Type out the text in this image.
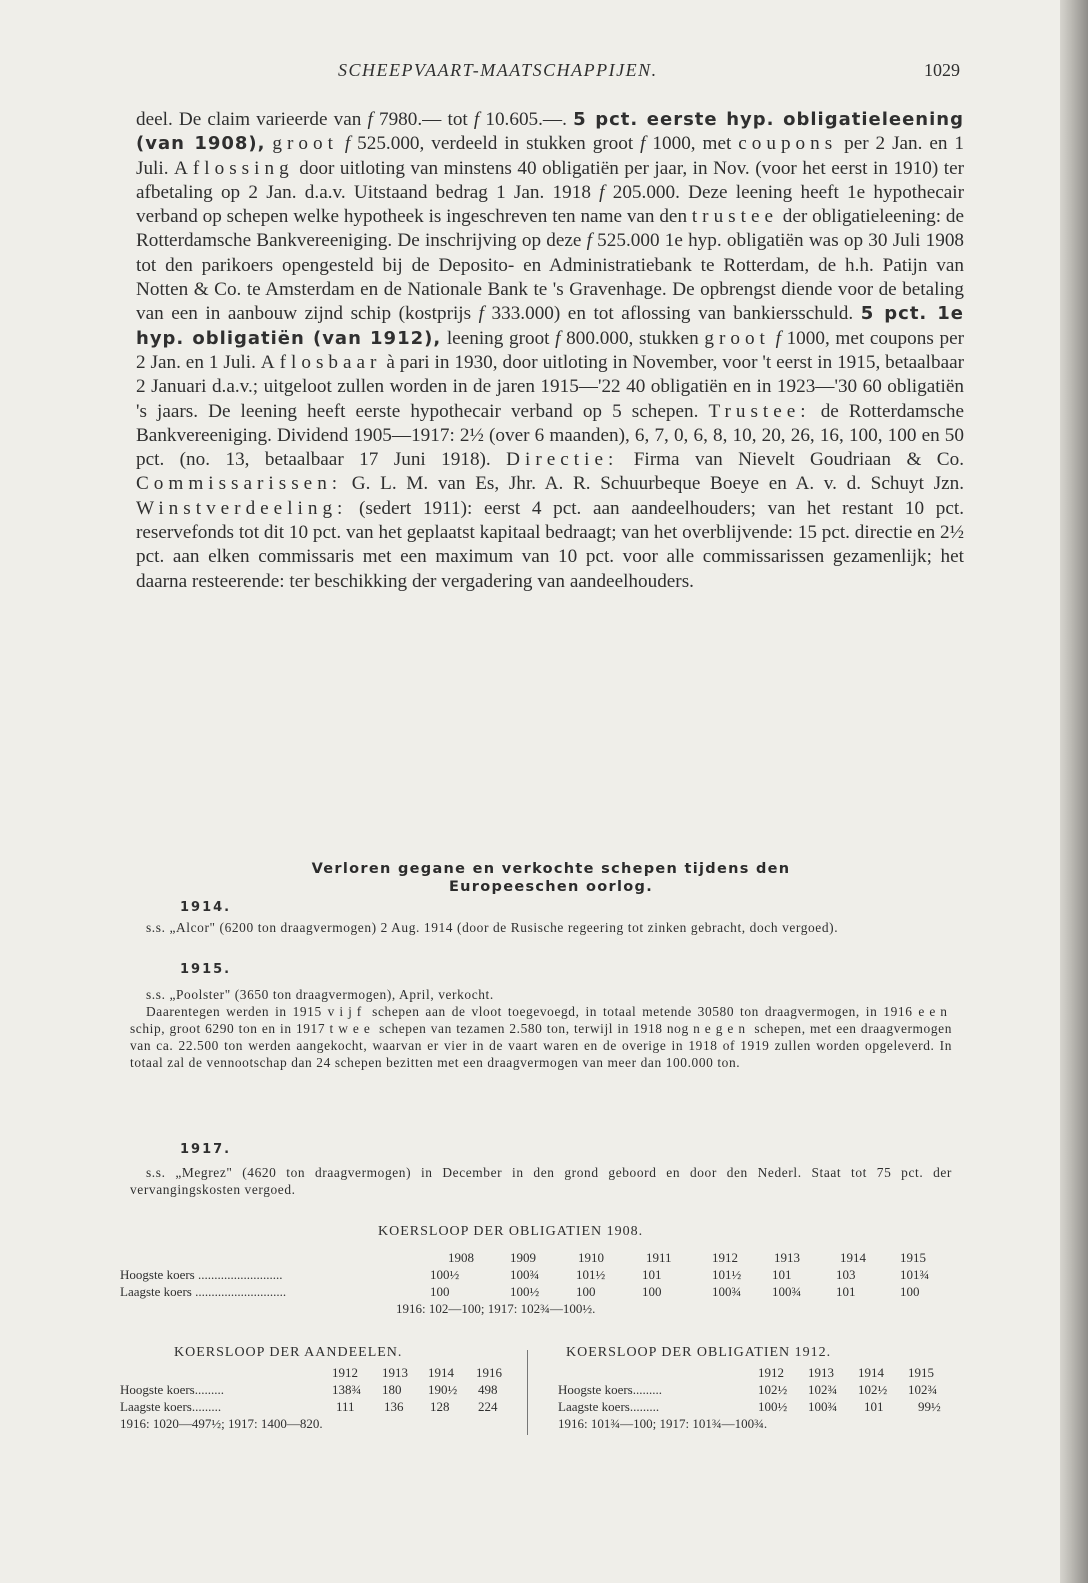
SCHEEPVAART-MAATSCHAPPIJEN.	1029

deel. De claim varieerde van f 7980.— tot f 10.605.—. 5 pct. eerste hyp. obligatieleening (van 1908), groot f 525.000, verdeeld in stukken groot f 1000, met coupons per 2 Jan. en 1 Juli. Aflossing door uitloting van minstens 40 obligatiën per jaar, in Nov. (voor het eerst in 1910) ter afbetaling op 2 Jan. d.a.v. Uitstaand bedrag 1 Jan. 1918 f 205.000. Deze leening heeft 1e hypothecair verband op schepen welke hypotheek is ingeschreven ten name van den trustee der obligatieleening: de Rotterdamsche Bankvereeniging. De inschrijving op deze f 525.000 1e hyp. obligatiën was op 30 Juli 1908 tot den parikoers opengesteld bij de Deposito- en Administratiebank te Rotterdam, de h.h. Patijn van Notten & Co. te Amsterdam en de Nationale Bank te 's Gravenhage. De opbrengst diende voor de betaling van een in aanbouw zijnd schip (kostprijs f 333.000) en tot aflossing van bankiersschuld. 5 pct. 1e hyp. obligatiën (van 1912), leening groot f 800.000, stukken groot f 1000, met coupons per 2 Jan. en 1 Juli. Aflosbaar à pari in 1930, door uitloting in November, voor 't eerst in 1915, betaalbaar 2 Januari d.a.v.; uitgeloot zullen worden in de jaren 1915—'22 40 obligatiën en in 1923—'30 60 obligatiën 's jaars. De leening heeft eerste hypothecair verband op 5 schepen. Trustee: de Rotterdamsche Bankvereeniging. Dividend 1905—1917: 2½ (over 6 maanden), 6, 7, 0, 6, 8, 10, 20, 26, 16, 100, 100 en 50 pct. (no. 13, betaalbaar 17 Juni 1918). Directie: Firma van Nievelt Goudriaan & Co. Commissarissen: G. L. M. van Es, Jhr. A. R. Schuurbeque Boeye en A. v. d. Schuyt Jzn. Winstverdeeling: (sedert 1911): eerst 4 pct. aan aandeelhouders; van het restant 10 pct. reservefonds tot dit 10 pct. van het geplaatst kapitaal bedraagt; van het overblijvende: 15 pct. directie en 2½ pct. aan elken commissaris met een maximum van 10 pct. voor alle commissarissen gezamenlijk; het daarna resteerende: ter beschikking der vergadering van aandeelhouders.

Verloren gegane en verkochte schepen tijdens den
Europeeschen oorlog.
1914.

s.s. „Alcor" (6200 ton draagvermogen) 2 Aug. 1914 (door de Rusische regeering tot zinken gebracht, doch vergoed).

1915.

s.s. „Poolster" (3650 ton draagvermogen), April, verkocht.

Daarentegen werden in 1915 vijf schepen aan de vloot toegevoegd, in totaal metende 30580 ton draagvermogen, in 1916 een schip, groot 6290 ton en in 1917 twee schepen van tezamen 2.580 ton, terwijl in 1918 nog negen schepen, met een draagvermogen van ca. 22.500 ton werden aangekocht, waarvan er vier in de vaart waren en de overige in 1918 of 1919 zullen worden opgeleverd. In totaal zal de vennootschap dan 24 schepen bezitten met een draagvermogen van meer dan 100.000 ton.

1917.

s.s. „Megrez" (4620 ton draagvermogen) in December in den grond geboord en door den Nederl. Staat tot 75 pct. der vervangingskosten vergoed.

KOERSLOOP DER OBLIGATIEN 1908.
1908	1909	1910	1911	1912	1913	1914	1915
Hoogste koers ..........................	100½	100¾	101½	101	101½ 101	103	101¾
Laagste koers ............................	100	100½	100	100	100¾ 100¾	101	100
1916: 102—100; 1917: 102¾—100½.
KOERSLOOP DER AANDEELEN.
1912 1913 1914 1916
Hoogste koers.........	138¾ 180 190½ 498
Laagste koers.........	111 136 128 224
1916: 1020—497½; 1917: 1400—820.
KOERSLOOP DER OBLIGATIEN 1912.
1912 1913 1914 1915
Hoogste koers.........	102½ 102¾ 102½ 102¾
Laagste koers.........	100½ 100¾ 101	99½
1916: 101¾—100; 1917: 101¾—100¾.
